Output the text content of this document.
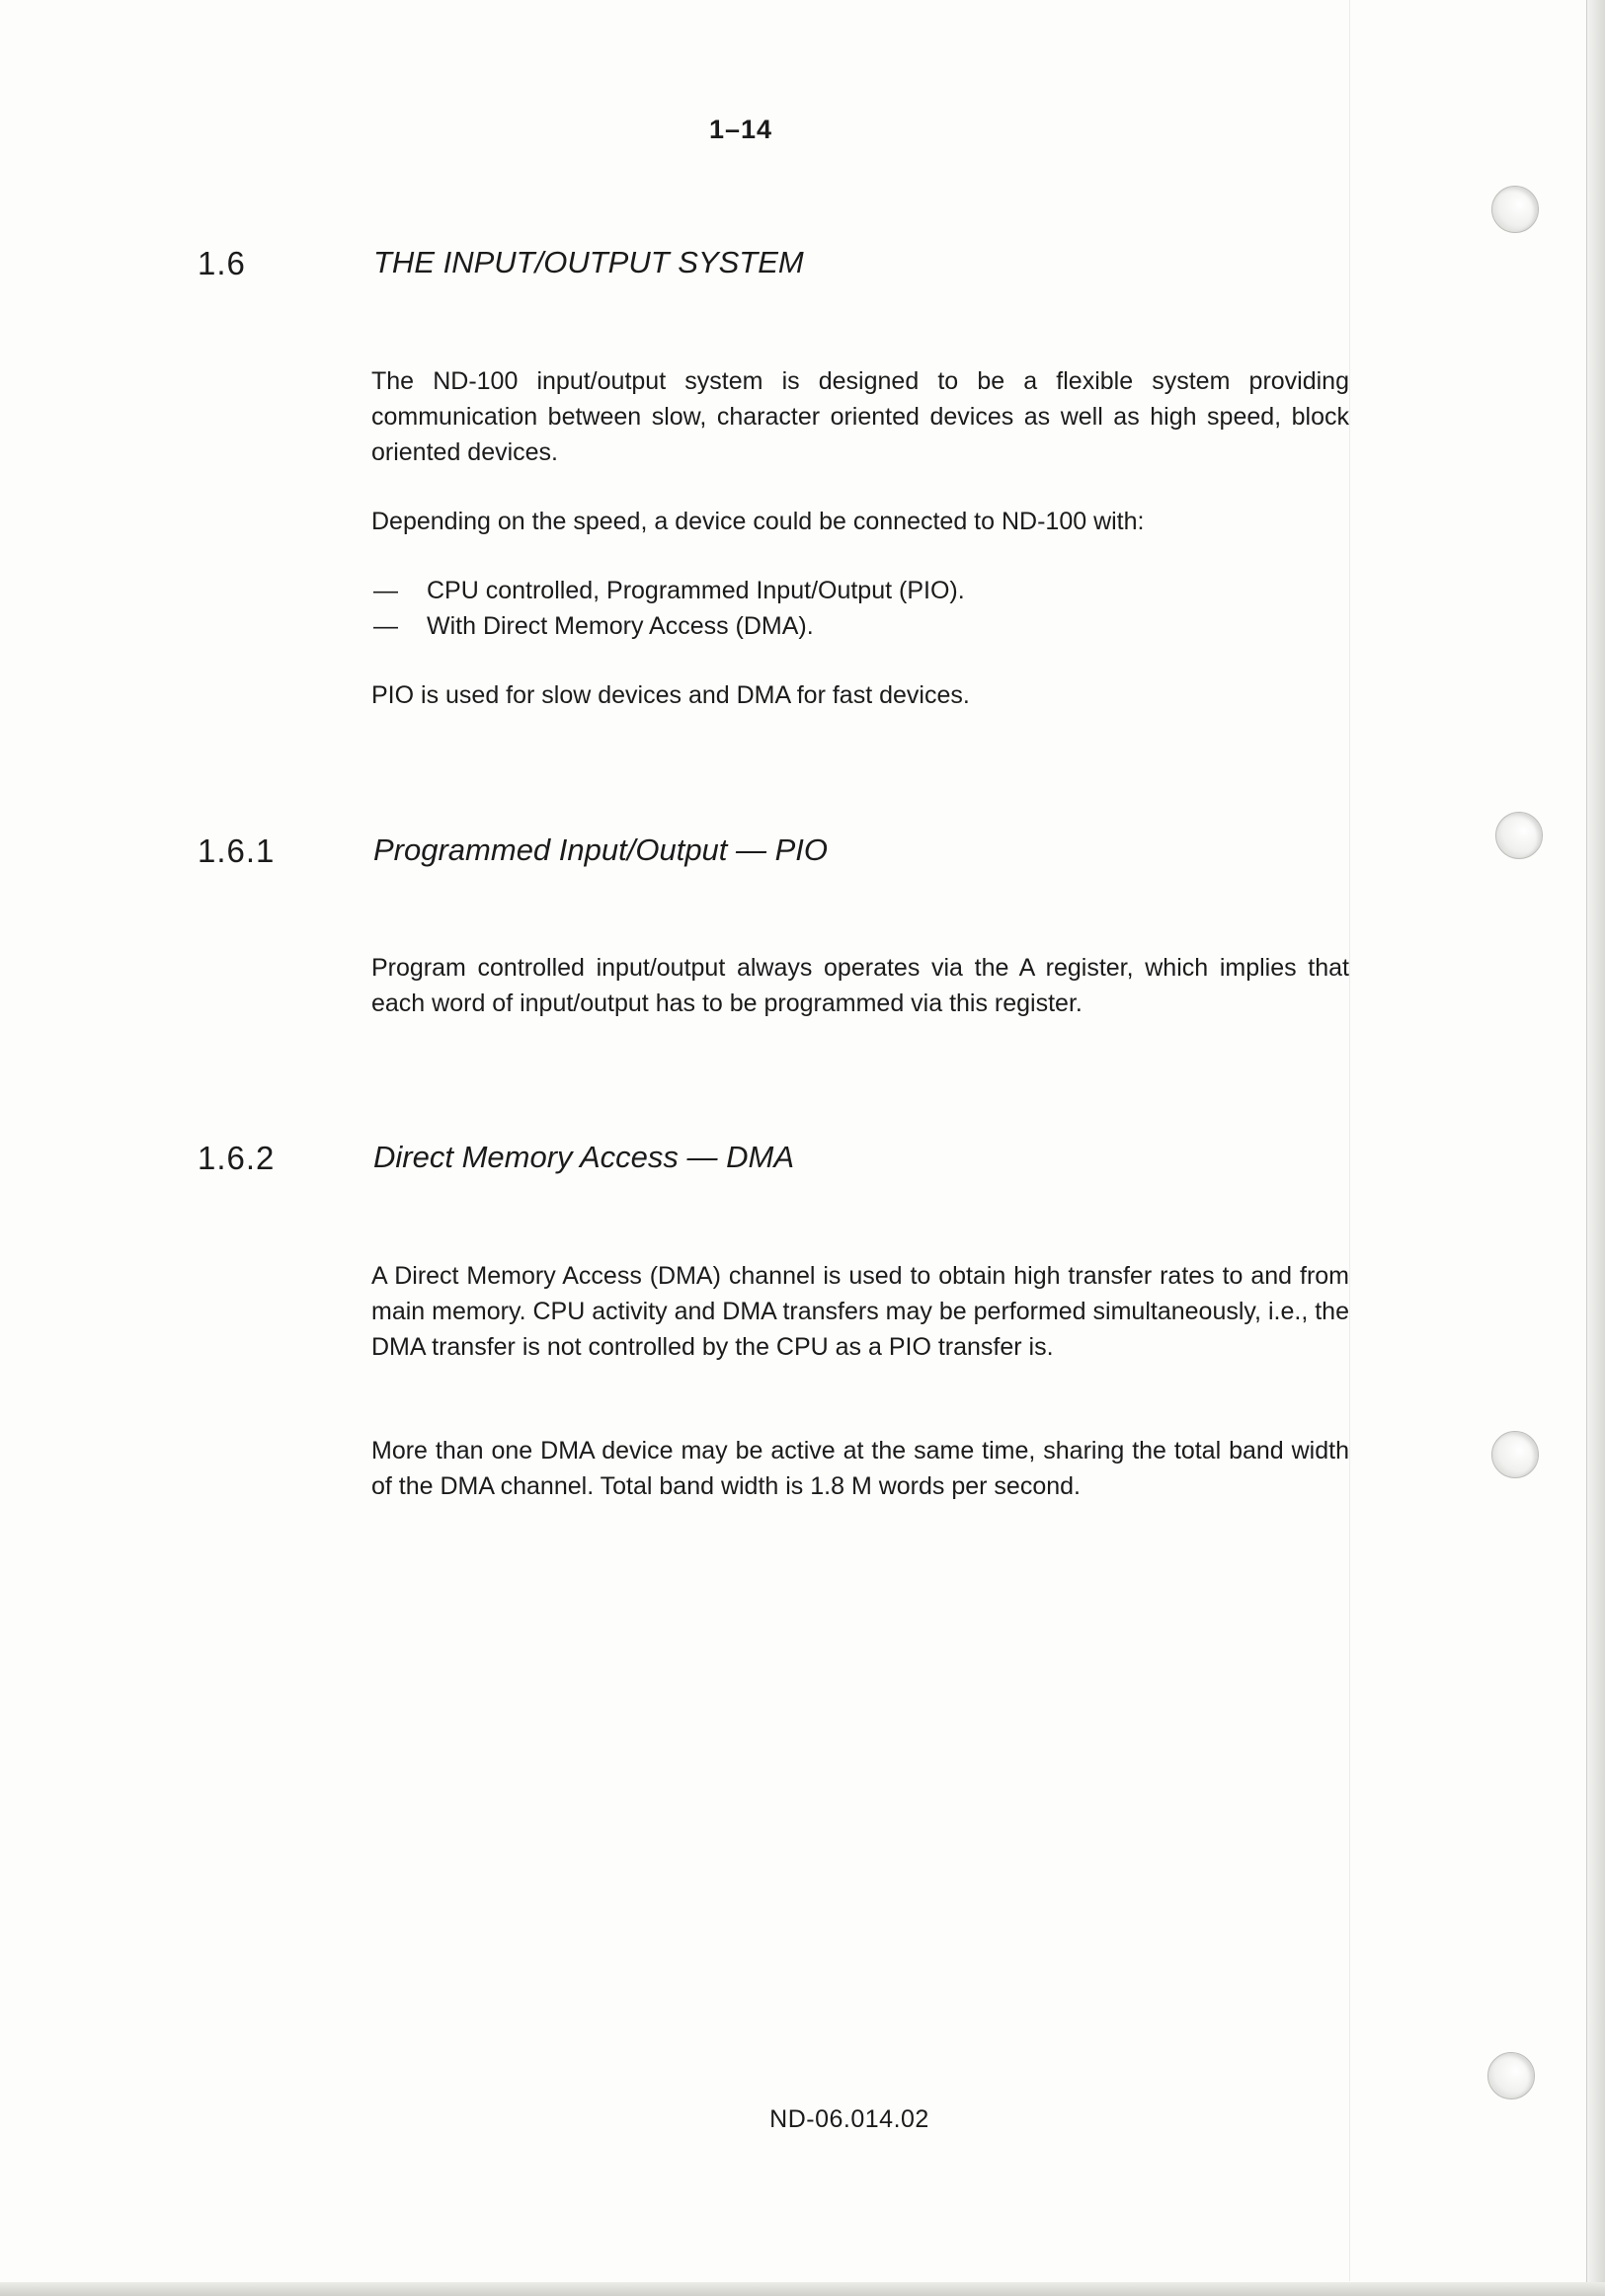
1–14
1.6	THE INPUT/OUTPUT SYSTEM
The ND-100 input/output system is designed to be a flexible system providing communication between slow, character oriented devices as well as high speed, block oriented devices.
Depending on the speed, a device could be connected to ND-100 with:
— CPU controlled, Programmed Input/Output (PIO).
— With Direct Memory Access (DMA).
PIO is used for slow devices and DMA for fast devices.
1.6.1	Programmed Input/Output — PIO
Program controlled input/output always operates via the A register, which implies that each word of input/output has to be programmed via this register.
1.6.2	Direct Memory Access — DMA
A Direct Memory Access (DMA) channel is used to obtain high transfer rates to and from main memory. CPU activity and DMA transfers may be performed simultaneously, i.e., the DMA transfer is not controlled by the CPU as a PIO transfer is.
More than one DMA device may be active at the same time, sharing the total band width of the DMA channel. Total band width is 1.8 M words per second.
ND-06.014.02
